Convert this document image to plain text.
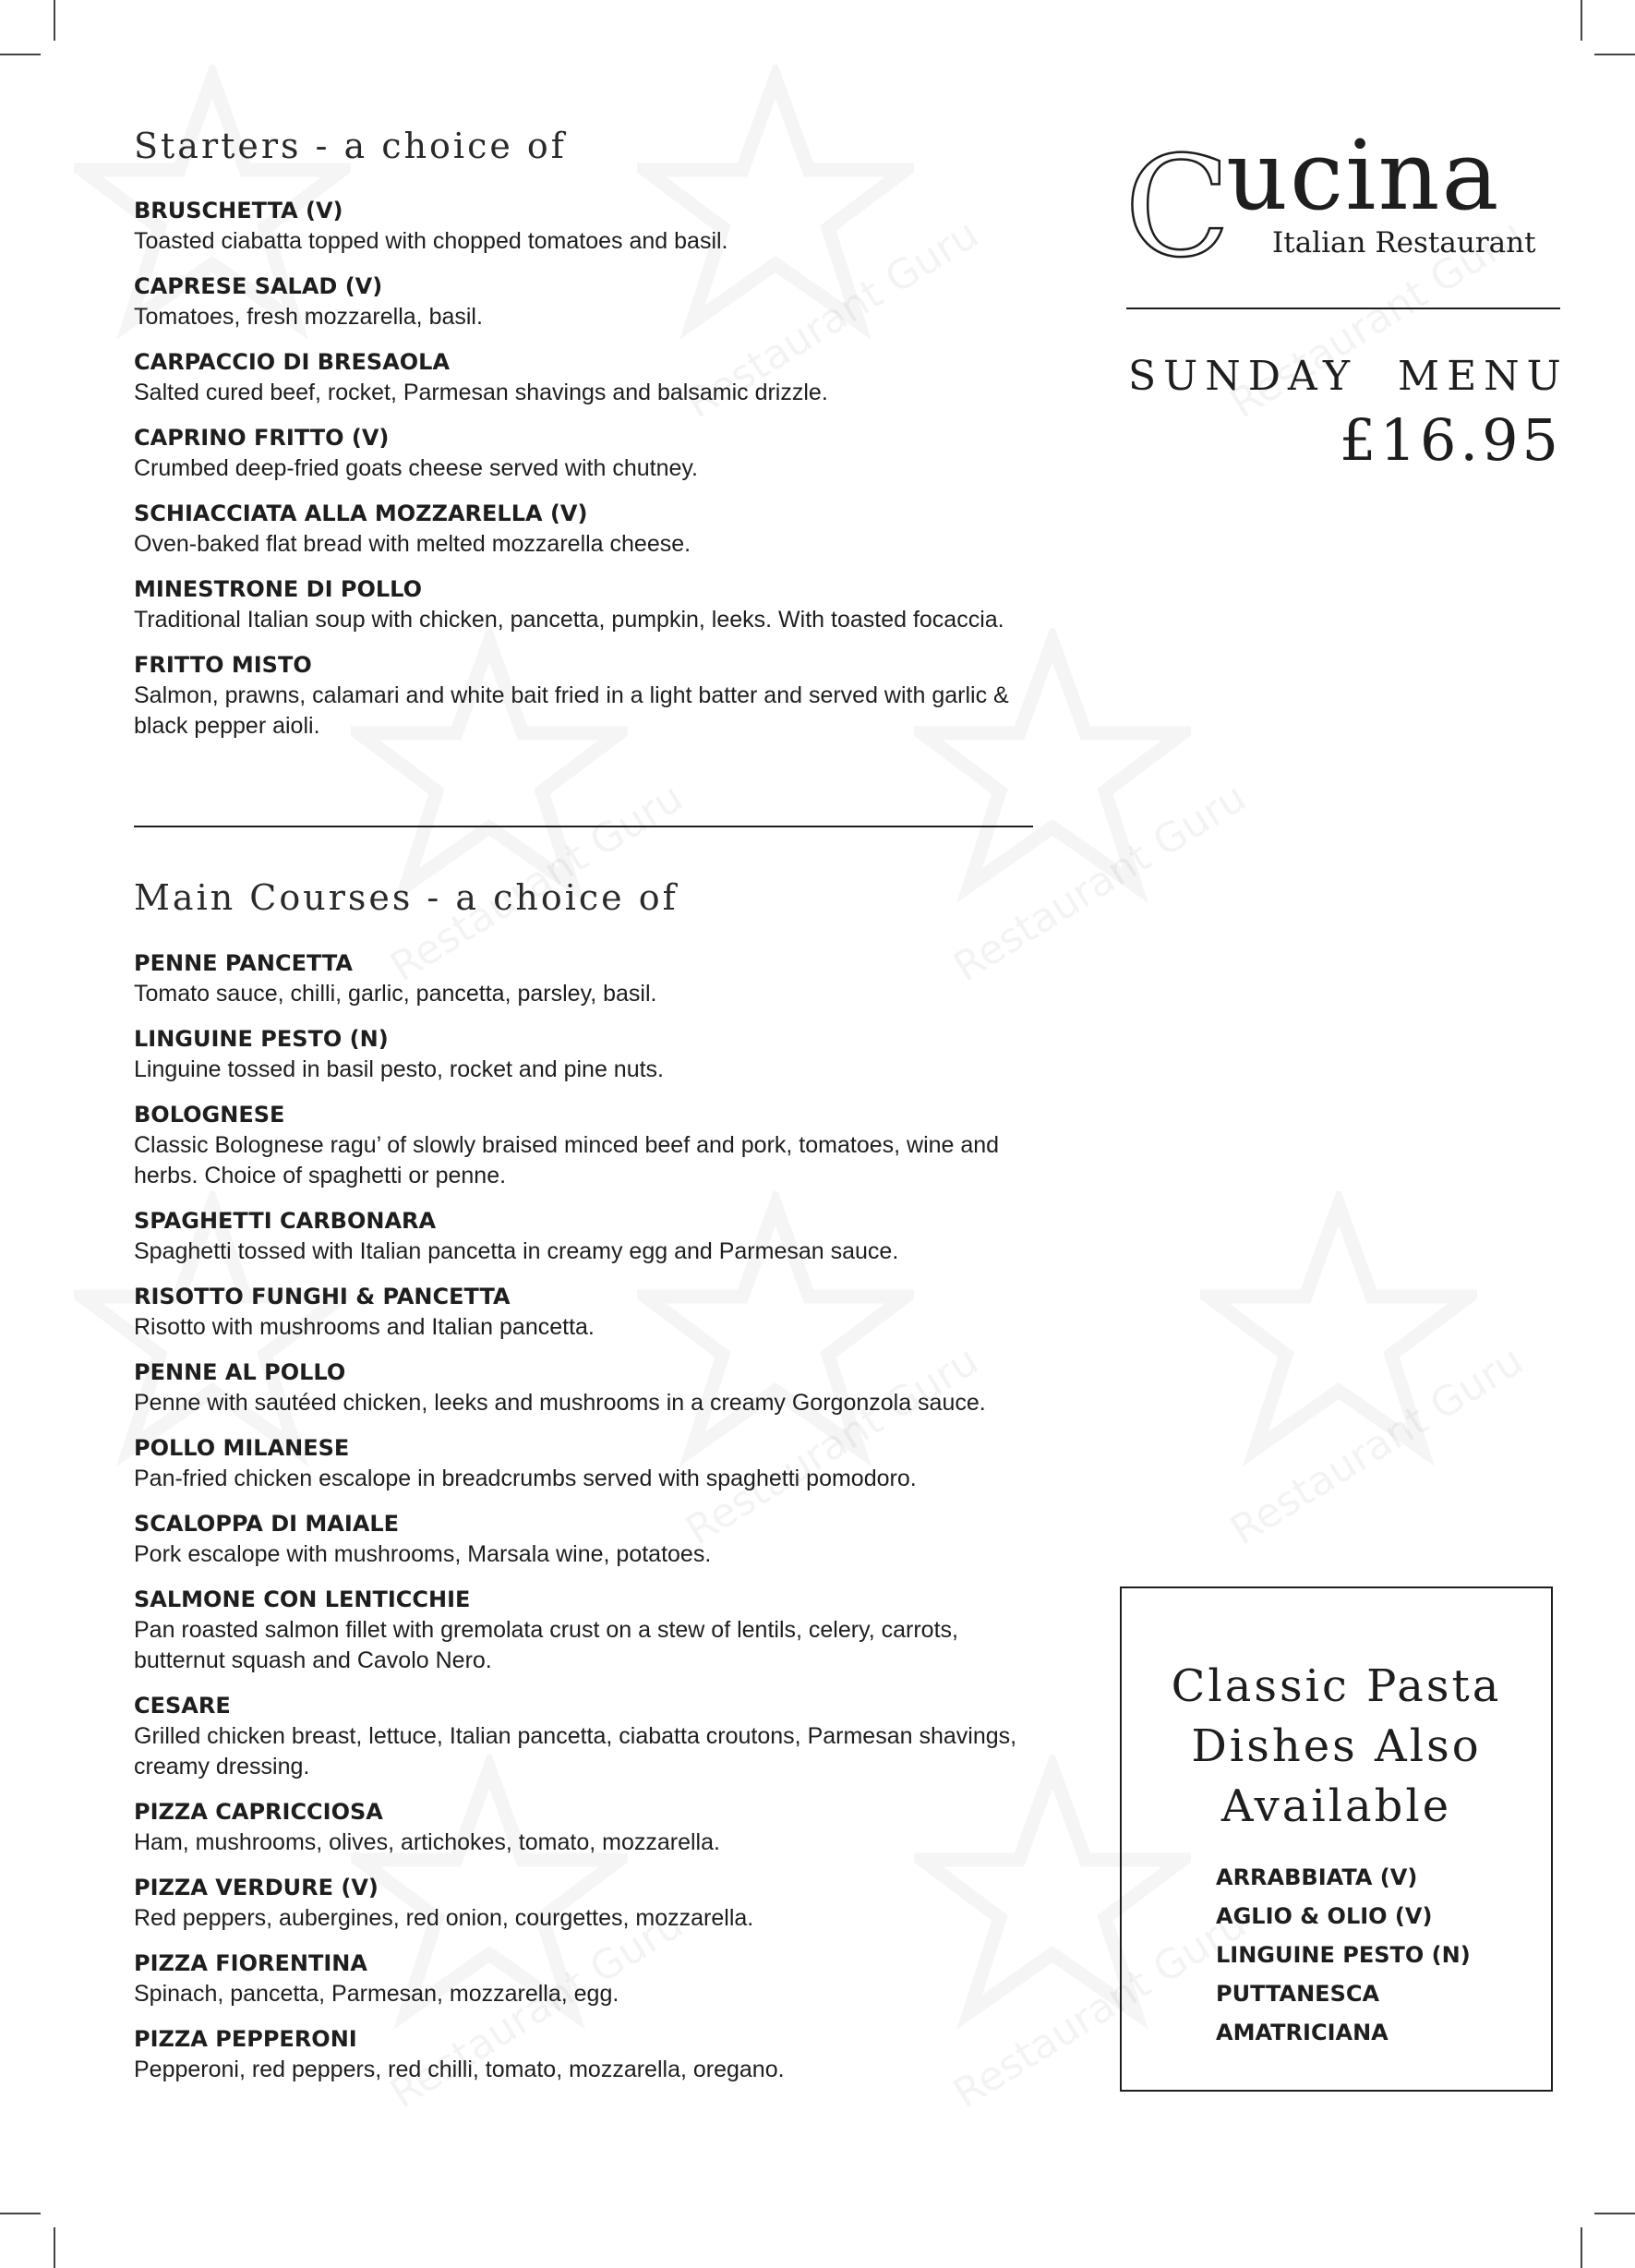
Starters - a choice of
BRUSCHETTA (V)
Toasted ciabatta topped with chopped tomatoes and basil.
CAPRESE SALAD (V)
Tomatoes, fresh mozzarella, basil.
CARPACCIO DI BRESAOLA
Salted cured beef, rocket, Parmesan shavings and balsamic drizzle.
CAPRINO FRITTO (V)
Crumbed deep-fried goats cheese served with chutney.
SCHIACCIATA ALLA MOZZARELLA (V)
Oven-baked flat bread with melted mozzarella cheese.
MINESTRONE DI POLLO
Traditional Italian soup with chicken, pancetta, pumpkin, leeks. With toasted focaccia.
FRITTO MISTO
Salmon, prawns, calamari and white bait fried in a light batter and served with garlic & black pepper aioli.
Main Courses - a choice of
PENNE PANCETTA
Tomato sauce, chilli, garlic, pancetta, parsley, basil.
LINGUINE PESTO (N)
Linguine tossed in basil pesto, rocket and pine nuts.
BOLOGNESE
Classic Bolognese ragu’ of slowly braised minced beef and pork, tomatoes, wine and herbs. Choice of spaghetti or penne.
SPAGHETTI CARBONARA
Spaghetti tossed with Italian pancetta in creamy egg and Parmesan sauce.
RISOTTO FUNGHI & PANCETTA
Risotto with mushrooms and Italian pancetta.
PENNE AL POLLO
Penne with sautéed chicken, leeks and mushrooms in a creamy Gorgonzola sauce.
POLLO MILANESE
Pan-fried chicken escalope in breadcrumbs served with spaghetti pomodoro.
SCALOPPA DI MAIALE
Pork escalope with mushrooms, Marsala wine, potatoes.
SALMONE CON LENTICCHIE
Pan roasted salmon fillet with gremolata crust on a stew of lentils, celery, carrots, butternut squash and Cavolo Nero.
CESARE
Grilled chicken breast, lettuce, Italian pancetta, ciabatta croutons, Parmesan shavings, creamy dressing.
PIZZA CAPRICCIOSA
Ham, mushrooms, olives, artichokes, tomato, mozzarella.
PIZZA VERDURE (V)
Red peppers, aubergines, red onion, courgettes, mozzarella.
PIZZA FIORENTINA
Spinach, pancetta, Parmesan, mozzarella, egg.
PIZZA PEPPERONI
Pepperoni, red peppers, red chilli, tomato, mozzarella, oregano.
C
ucina
Italian Restaurant
SUNDAY  MENU
£16.95
Classic Pasta
Dishes Also
Available
ARRABBIATA (V)
AGLIO & OLIO (V)
LINGUINE PESTO (N)
PUTTANESCA
AMATRICIANA
